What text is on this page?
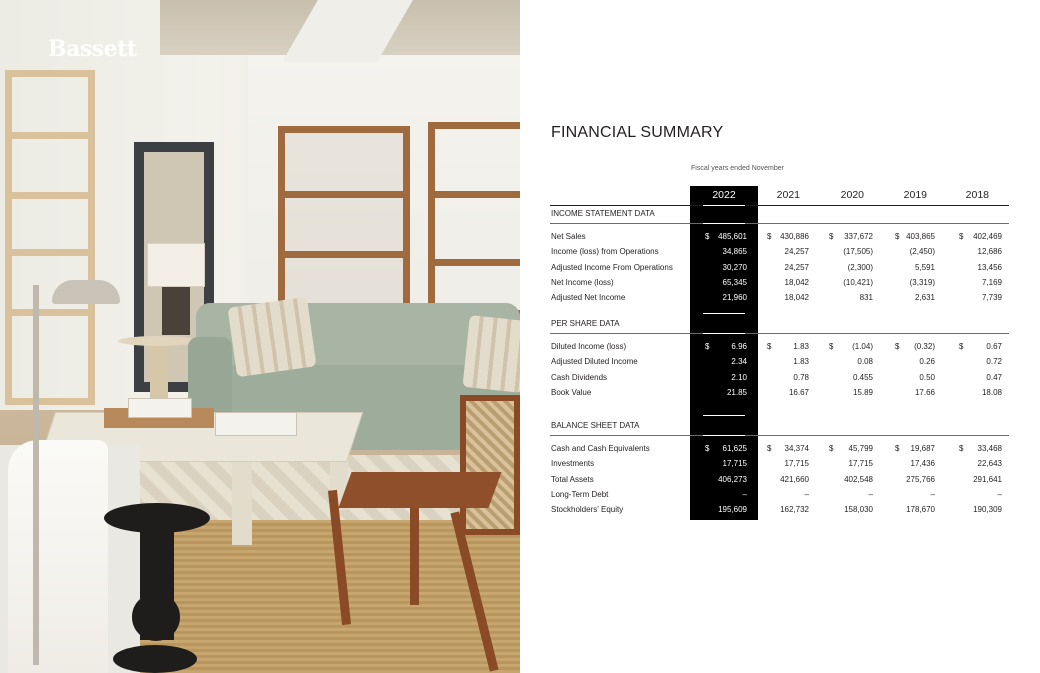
Bassett
FINANCIAL SUMMARY
Fiscal years ended November
2022	2021	2020	2019	2018
INCOME STATEMENT DATA
Net Sales	$	485,601	$	430,886	$	337,672	$ 403,865	$	402,469
Income (loss) from Operations	34,865	24,257	(17,505)	(2,450)	12,686
Adjusted Income From Operations	30,270	24,257	(2,300)	5,591	13,456
Net Income (loss)	65,345	18,042	(10,421)	(3,319)	7,169
Adjusted Net Income	21,960	18,042	831	2,631	7,739
PER SHARE DATA
Diluted Income (loss)	$	6.96	$	1.83	$	(1.04)	$	(0.32)	$	0.67
Adjusted Diluted Income	2.34	1.83	0.08	0.26	0.72
Cash Dividends	2.10	0.78	0.455	0.50	0.47
Book Value	21.85	16.67	15.89	17.66	18.08
BALANCE SHEET DATA
Cash and Cash Equivalents	$	61,625	$	34,374	$	45,799	$	19,687	$	33,468
Investments	17,715	17,715	17,715	17,436	22,643
Total Assets	406,273	421,660	402,548	275,766	291,641
Long-Term Debt	–	–	–	–	–
Stockholders' Equity	195,609	162,732	158,030	178,670	190,309
